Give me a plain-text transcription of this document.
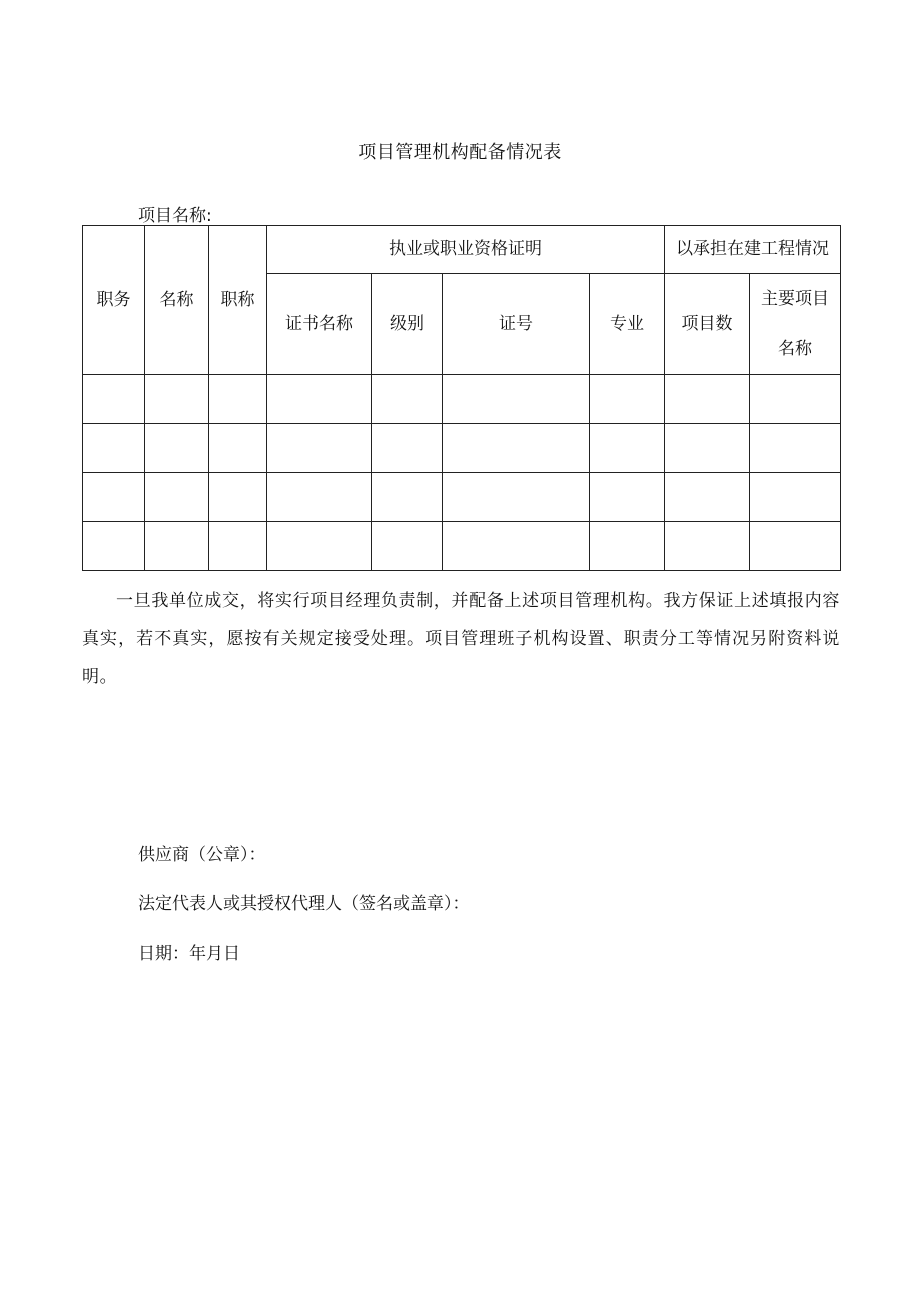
项目管理机构配备情况表
项目名称:
职务	名称	职称	执业或职业资格证明				以承担在建工程情况	
			证书名称	级别	证号	专业	项目数	主要项目
名称

一旦我单位成交，将实行项目经理负责制，并配备上述项目管理机构。我方保证上述填报内容真实，若不真实，愿按有关规定接受处理。项目管理班子机构设置、职责分工等情况另附资料说明。
供应商（公章）：
法定代表人或其授权代理人（签名或盖章）：
日期：年月日
